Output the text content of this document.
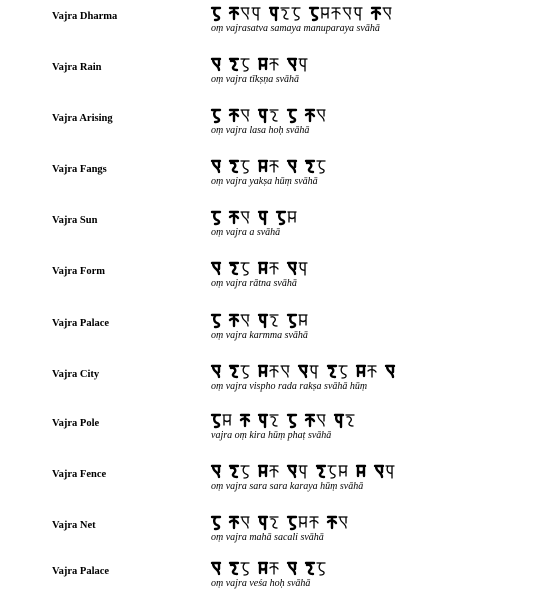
Vajra Dharma
oṃ vajrasatva samaya manuparaya svāhā
Vajra Rain
oṃ vajra tīkṣṇa svāhā
Vajra Arising
oṃ vajra lasa hoḥ svāhā
Vajra Fangs
oṃ vajra yakṣa hūṃ svāhā
Vajra Sun
oṃ vajra a svāhā
Vajra Form
oṃ vajra rātna svāhā
Vajra Palace
oṃ vajra karmma svāhā
Vajra City
oṃ vajra vispho rada rakṣa svāhā hūṃ
Vajra Pole
vajra oṃ kira hūṃ phaṭ svāhā
Vajra Fence
oṃ vajra sara sara karaya hūṃ svāhā
Vajra Net
oṃ vajra mahā sacali svāhā
Vajra Palace
oṃ vajra veśa hoḥ svāhā
